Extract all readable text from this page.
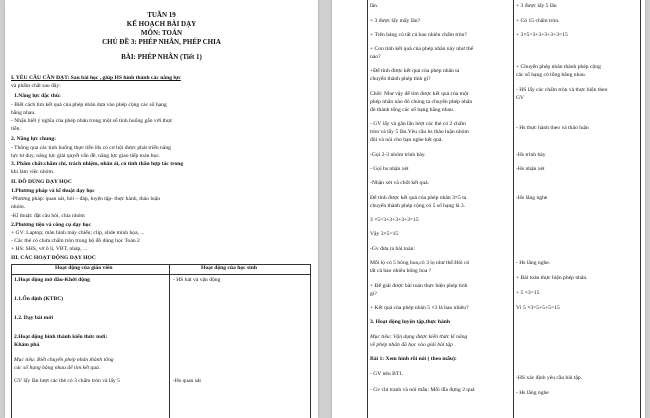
TUẦN 19
KẾ HOẠCH BÀI DẠY
MÔN: TOÁN
CHỦ ĐỀ 3: PHÉP NHÂN, PHÉP CHIA
BÀI: PHÉP NHÂN (Tiết 1)
I. YÊU CẦU CẦN ĐẠT: Sau bài học , giúp HS hình thành các năng lực
và phẩm chất sau đây:
1.Năng lực đặc thù:
- Biết cách tìm kết quả của phép nhân dựa vào phép cộng các số hạng
bằng nhau.
- Nhận biết ý nghĩa của phép nhân trong một số tình huống gắn với thực
tiễn.
2. Năng lực chung:
- Thông qua các tình huống thực tiễn Hs có cơ hội được phát triển năng
lực tư duy, năng lực giải quyết vấn đề, năng lực giao tiếp toán học.
3. Phẩm chất:chăm chỉ, trách nhiệm, nhân ái, có tinh thần hợp tác trong
khi làm việc nhóm.
II. ĐỒ DÙNG DẠY HỌC
1.Phương pháp và kĩ thuật dạy học
-Phương pháp: quan sát, hỏi – đáp, luyện tập- thực hành, thảo luận
nhóm.
-Kĩ thuật: đặt câu hỏi, chia nhóm
2.Phương tiện và công cụ dạy học
+ GV: Laptop; màn hình máy chiếu; clip, slide minh họa, ...
- Các thẻ có chứa chấm tròn trong bộ đồ dùng học Toán 2
+ HS: SHS, vở ô li, VBT, nháp, ...
III. CÁC HOẠT ĐỘNG DẠY HỌC
Hoạt động của giáo viên	Hoạt động của học sinh
1.Hoạt động mở đầu-Khởi động
1.1.Ổn định (KTBC)
1.2. Dạy bài mới
2.Hoạt động hình thành kiến thức mới:
Khám phá
Mục tiêu: Biết chuyển phép nhân thành tổng
các số hạng bằng nhau để tìm kết quả.
GV lấy lần lượt các thẻ có 3 chấm tròn và lấy 5
- HS hát và vận động
-Hs quan sát
lần.
+ 3 được lấy mấy lần?
+ Trên bảng có tất cả bao nhiêu chấm tròn?
+ Con tính kết quả của phép nhân này như thế
nào?
+Để tính được kết quả của phép nhân ta
chuyển thành phép tính gì?
Chốt: Như vậy để tìm được kết quả của một
phép nhân nào đó chúng ta chuyển phép nhân
đó thành tổng các số hạng bằng nhau.
- GV lấy và gắn lần lượt các thẻ có 2 chấm
tròn và lấy 5 lần.Yêu cầu hs thảo luận nhóm
đôi và nói cho bạn nghe kết quả.
-Gọi 2-3 nhóm trình bày.
- Gọi hs nhận xét
-Nhận xét và chốt kết quả.
Để tính được kết quả của phép nhân 3×5 ta
chuyển thành phép cộng có 5 số hạng là 3.
3 ×5=3+3+3+3+3=15
Vậy 3×5=15
-Gv đưa ra bài toán:
Mỗi lọ có 5 bông hoa,có 3 lọ như thế.Hỏi có
tất cả bao nhiêu bông hoa ?
+ Để giải được bài toán thực hiện phép tính
gì?
+ Kết quả của phép nhân 5 ×3 là bao nhiêu?
3. Hoạt động luyện tập,thực hành
Mục tiêu: Vận dụng được kiến thức kĩ năng
về phép nhân đã học vào giải bài tập .
Bài 1: Xem hình rồi nói ( theo mẫu):
- GV nêu BT1.
- Gv chỉ tranh và nói mẫu: Mỗi đĩa đựng 2 quả
+ 3 được lấy 5 lần
+ Có 15 chấm tròn.
+ 3×5=3+3+3+3+3=15
+ Chuyển phép nhân thành phép cộng
các số hạng có tổng bằng nhau.
- HS lấy các chấm tròn và thực hiện theo
GV
- Hs thực hành theo và thảo luận
-Hs trình bày
-Hs nhận xét
-Hs lắng nghe
- Hs lắng nghe.
+ Bài toán thực hiện phép nhân.
+ 5 ×3=15
Vì 5 ×3=5+5+5=15
-HS xác định yêu cầu bài tập.
- Hs lắng nghe
